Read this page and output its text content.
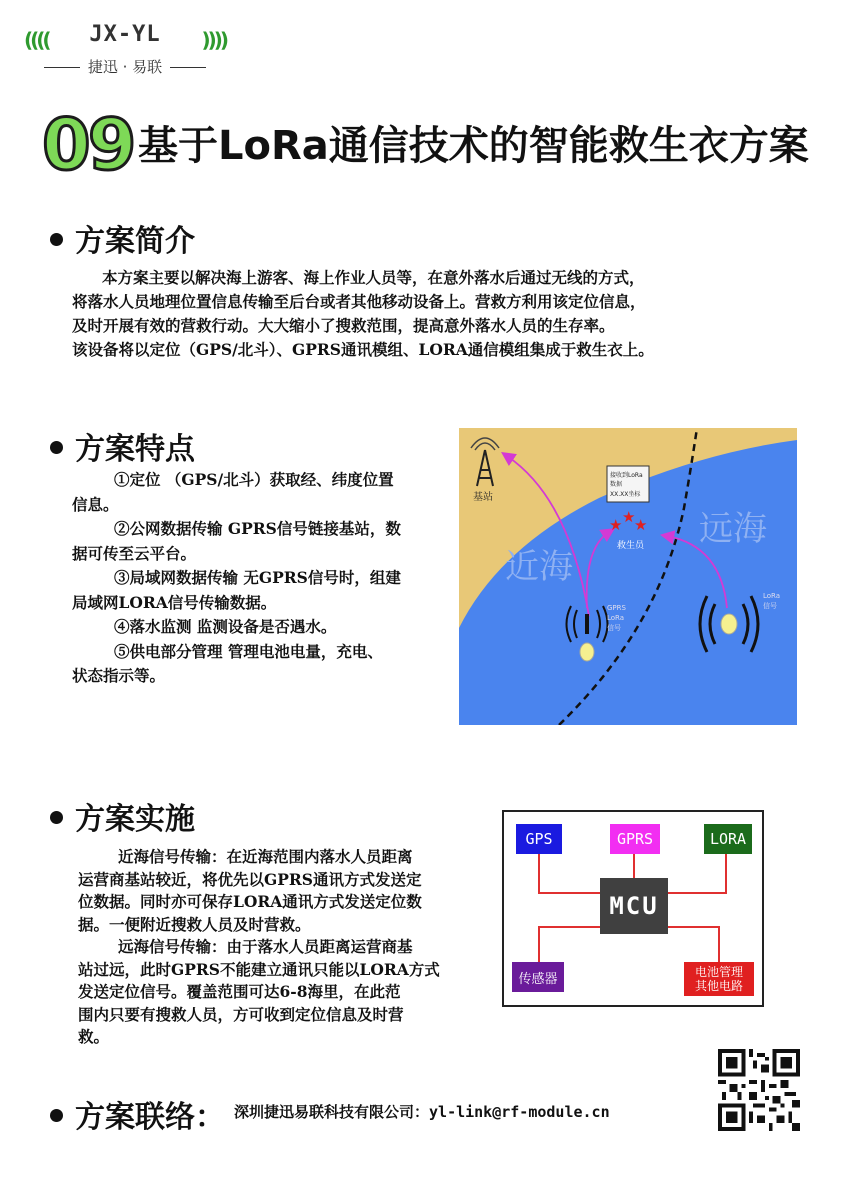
((((	JX-YL	))))
捷迅 · 易联
09 基于LoRa通信技术的智能救生衣方案
方案简介

本方案主要以解决海上游客、海上作业人员等，在意外落水后通过无线的方式，

将落水人员地理位置信息传输至后台或者其他移动设备上。营救方利用该定位信息，

及时开展有效的营救行动。大大缩小了搜救范围，提高意外落水人员的生存率。

该设备将以定位（GPS/北斗）、GPRS通讯模组、LORA通信模组集成于救生衣上。

方案特点

①定位 （GPS/北斗）获取经、纬度位置

信息。

②公网数据传输 GPRS信号链接基站，数

据可传至云平台。

③局域网数据传输 无GPRS信号时，组建

局域网LORA信号传输数据。

④落水监测 监测设备是否遇水。

⑤供电部分管理 管理电池电量，充电、

状态指示等。

基站
接收到LoRa
数据
XX.XX坐标
★ ★
★
救生员
近海
远海
GPRS
LoRa
信号
LoRa
信号
方案实施

近海信号传输：在近海范围内落水人员距离

运营商基站较近，将优先以GPRS通讯方式发送定

位数据。同时亦可保存LORA通讯方式发送定位数

据。一便附近搜救人员及时营救。

远海信号传输：由于落水人员距离运营商基

站过远，此时GPRS不能建立通讯只能以LORA方式

发送定位信号。覆盖范围可达6-8海里，在此范

围内只要有搜救人员，方可收到定位信息及时营

救。

GPS	GPRS	LORA
MCU
传感器	电池管理
其他电路
方案联络： 深圳捷迅易联科技有限公司：yl-link@rf-module.cn
